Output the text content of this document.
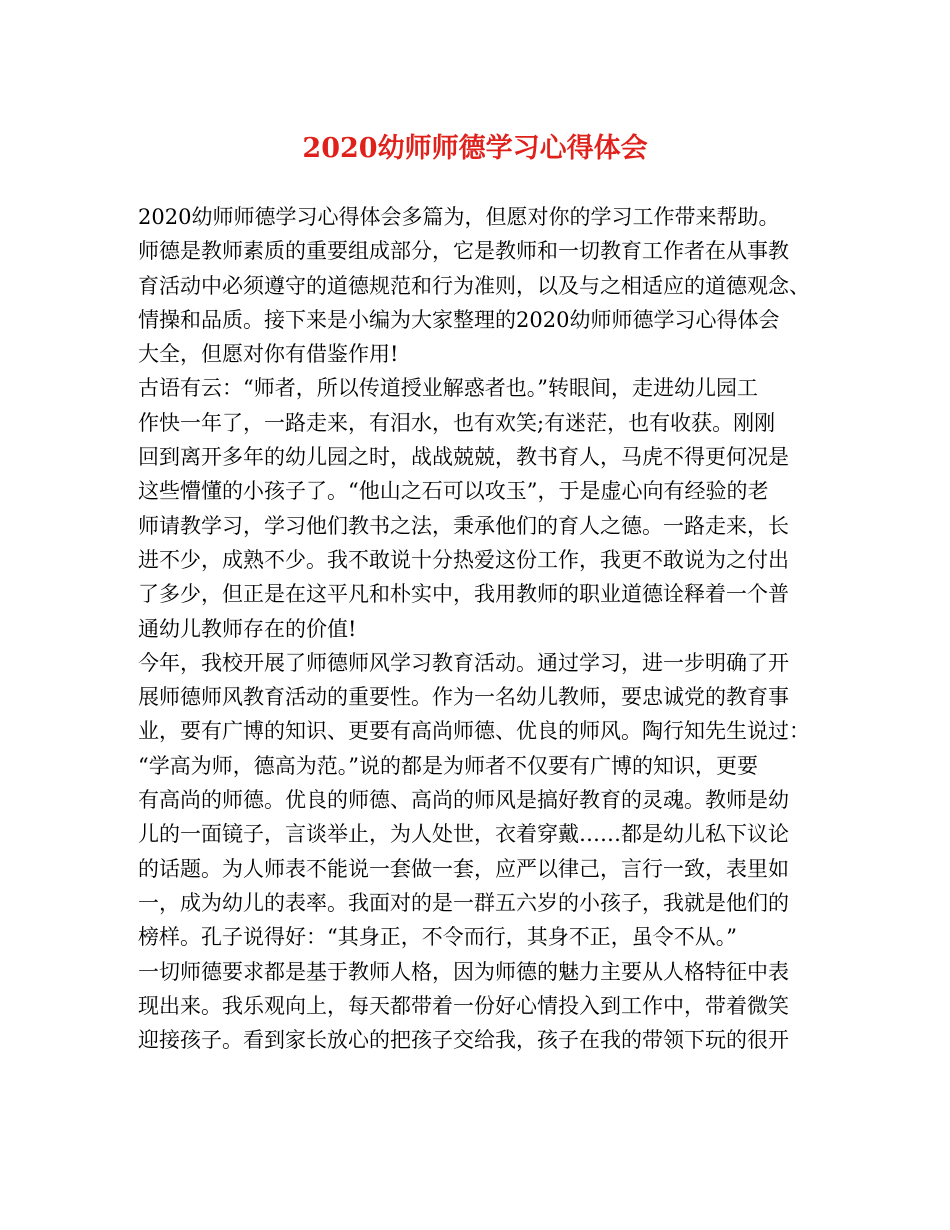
2020幼师师德学习心得体会

2020幼师师德学习心得体会多篇为，但愿对你的学习工作带来帮助。

师德是教师素质的重要组成部分，它是教师和一切教育工作者在从事教
育活动中必须遵守的道德规范和行为准则，以及与之相适应的道德观念、
情操和品质。接下来是小编为大家整理的2020幼师师德学习心得体会
大全，但愿对你有借鉴作用!

古语有云：“师者，所以传道授业解惑者也。”转眼间，走进幼儿园工
作快一年了，一路走来，有泪水，也有欢笑;有迷茫，也有收获。刚刚
回到离开多年的幼儿园之时，战战兢兢，教书育人，马虎不得更何况是
这些懵懂的小孩子了。“他山之石可以攻玉”，于是虚心向有经验的老
师请教学习，学习他们教书之法，秉承他们的育人之德。一路走来，长
进不少，成熟不少。我不敢说十分热爱这份工作，我更不敢说为之付出
了多少，但正是在这平凡和朴实中，我用教师的职业道德诠释着一个普
通幼儿教师存在的价值!

今年，我校开展了师德师风学习教育活动。通过学习，进一步明确了开
展师德师风教育活动的重要性。作为一名幼儿教师，要忠诚党的教育事
业，要有广博的知识、更要有高尚师德、优良的师风。陶行知先生说过：
“学高为师，德高为范。”说的都是为师者不仅要有广博的知识，更要
有高尚的师德。优良的师德、高尚的师风是搞好教育的灵魂。教师是幼
儿的一面镜子，言谈举止，为人处世，衣着穿戴……都是幼儿私下议论
的话题。为人师表不能说一套做一套，应严以律己，言行一致，表里如
一，成为幼儿的表率。我面对的是一群五六岁的小孩子，我就是他们的
榜样。孔子说得好：“其身正，不令而行，其身不正，虽令不从。”

一切师德要求都是基于教师人格，因为师德的魅力主要从人格特征中表
现出来。我乐观向上，每天都带着一份好心情投入到工作中，带着微笑
迎接孩子。看到家长放心的把孩子交给我，孩子在我的带领下玩的很开
